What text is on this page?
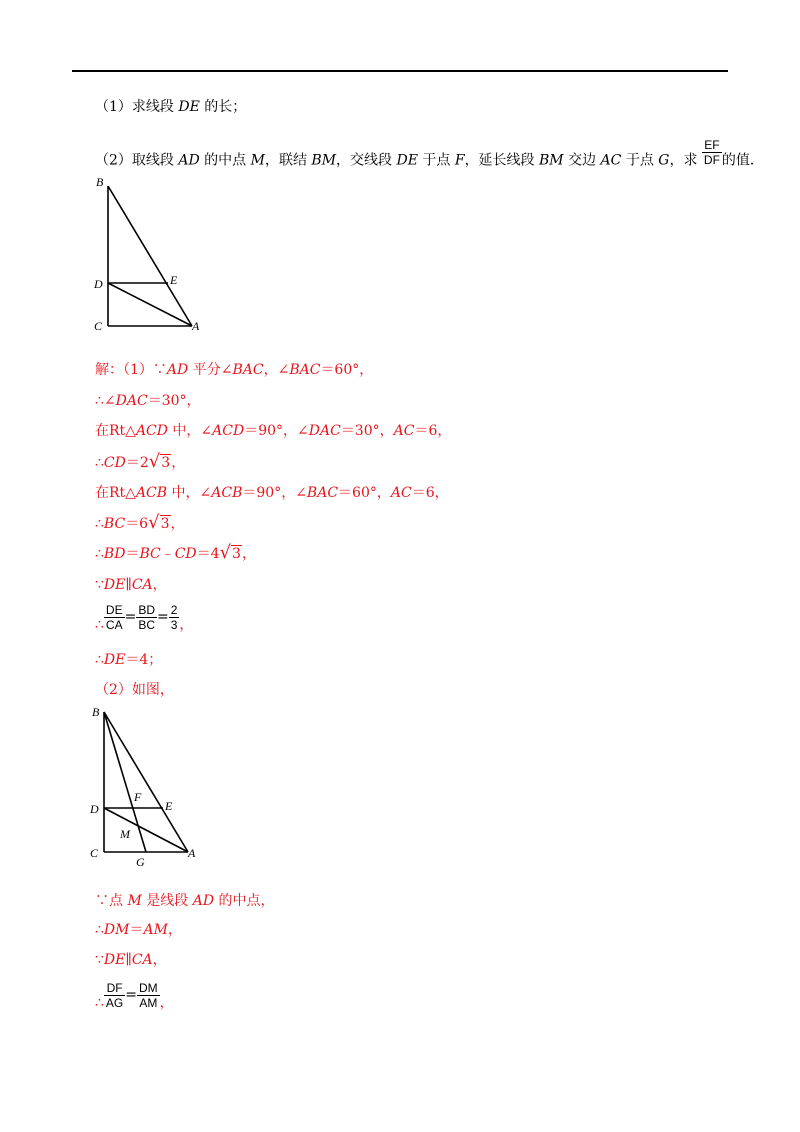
（1）求线段 DE 的长；
（2）取线段 AD 的中点 M，联结 BM，交线段 DE 于点 F，延长线段 BM 交边 AC 于点 G，求 $\frac{EF}{DF}$ 的值．
B
D	E
C	A
解：（1）∵AD 平分∠BAC，∠BAC＝60°，
∴∠DAC＝30°，
在Rt△ACD 中，∠ACD＝90°，∠DAC＝30°，AC＝6，
∴CD＝2√3，
在Rt△ACB 中，∠ACB＝90°，∠BAC＝60°，AC＝6，
∴BC＝6√3，
∴BD＝BC﹣CD＝4√3，
∵DE∥CA，
∴ $\frac{DE}{CA} = \frac{BD}{BC} = \frac{2}{3}$ ，
∴DE＝4；
（2）如图，
B
D
F
E
M
C
G
A
∵点 M 是线段 AD 的中点，
∴DM＝AM，
∵DE∥CA，
∴ $\frac{DF}{AG} = \frac{DM}{AM}$ ，
